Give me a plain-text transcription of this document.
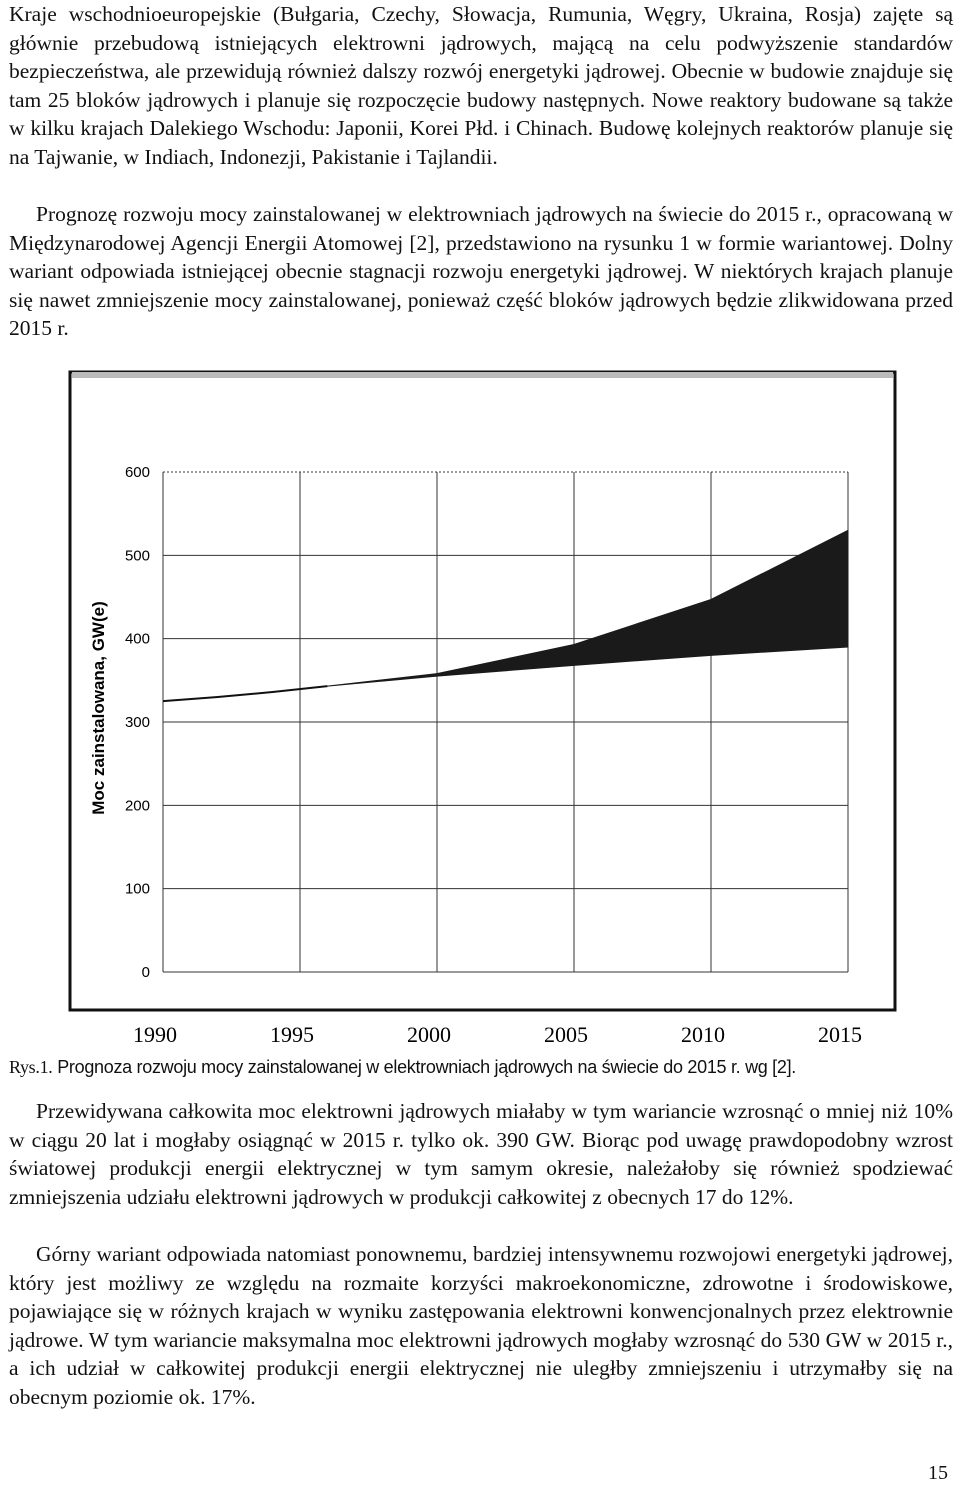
Kraje wschodnioeuropejskie (Bułgaria, Czechy, Słowacja, Rumunia, Węgry, Ukraina, Rosja) zajęte są głównie przebudową istniejących elektrowni jądrowych, mającą na celu podwyższenie standardów bezpieczeństwa, ale przewidują również dalszy rozwój energetyki jądrowej. Obecnie w budowie znajduje się tam 25 bloków jądrowych i planuje się rozpoczęcie budowy następnych. Nowe reaktory budowane są także w kilku krajach Dalekiego Wschodu: Japonii, Korei Płd. i Chinach. Budowę kolejnych reaktorów planuje się na Tajwanie, w Indiach, Indonezji, Pakistanie i Tajlandii.

Prognozę rozwoju mocy zainstalowanej w elektrowniach jądrowych na świecie do 2015 r., opracowaną w Międzynarodowej Agencji Energii Atomowej [2], przedstawiono na rysunku 1 w formie wariantowej. Dolny wariant odpowiada istniejącej obecnie stagnacji rozwoju energetyki jądrowej. W niektórych krajach planuje się nawet zmniejszenie mocy zainstalowanej, ponieważ część bloków jądrowych będzie zlikwidowana przed 2015 r.

0
100
200
300
400
500
600
1990	1995	2000	2005	2010	2015
Moc zainstalowana, GW(e)
Rys.1. Prognoza rozwoju mocy zainstalowanej w elektrowniach jądrowych na świecie do 2015 r. wg [2].

Przewidywana całkowita moc elektrowni jądrowych miałaby w tym wariancie wzrosnąć o mniej niż 10% w ciągu 20 lat i mogłaby osiągnąć w 2015 r. tylko ok. 390 GW. Biorąc pod uwagę prawdopodobny wzrost światowej produkcji energii elektrycznej w tym samym okresie, należałoby się również spodziewać zmniejszenia udziału elektrowni jądrowych w produkcji całkowitej z obecnych 17 do 12%.

Górny wariant odpowiada natomiast ponownemu, bardziej intensywnemu rozwojowi energetyki jądrowej, który jest możliwy ze względu na rozmaite korzyści makroekonomiczne, zdrowotne i środowiskowe, pojawiające się w różnych krajach w wyniku zastępowania elektrowni konwencjonalnych przez elektrownie jądrowe. W tym wariancie maksymalna moc elektrowni jądrowych mogłaby wzrosnąć do 530 GW w 2015 r., a ich udział w całkowitej produkcji energii elektrycznej nie uległby zmniejszeniu i utrzymałby się na obecnym poziomie ok. 17%.

15
